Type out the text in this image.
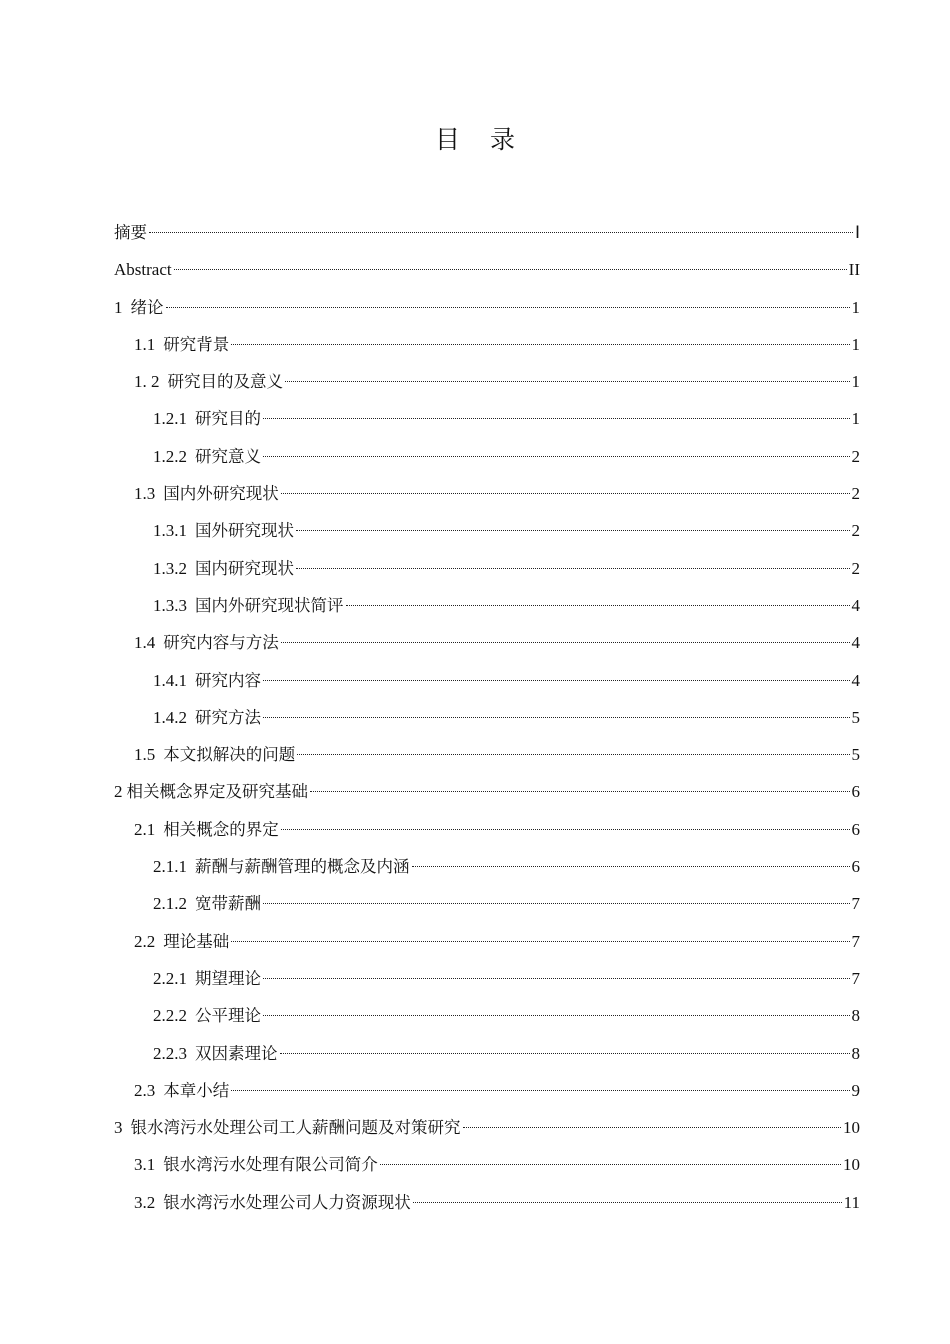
目 录
摘要	Ⅰ
Abstract	II
1 绪论	1
1.1 研究背景	1
1. 2 研究目的及意义	1
1.2.1 研究目的	1
1.2.2 研究意义	2
1.3 国内外研究现状	2
1.3.1 国外研究现状	2
1.3.2 国内研究现状	2
1.3.3 国内外研究现状简评	4
1.4 研究内容与方法	4
1.4.1 研究内容	4
1.4.2 研究方法	5
1.5 本文拟解决的问题	5
2 相关概念界定及研究基础	6
2.1 相关概念的界定	6
2.1.1 薪酬与薪酬管理的概念及内涵	6
2.1.2 宽带薪酬	7
2.2 理论基础	7
2.2.1 期望理论	7
2.2.2 公平理论	8
2.2.3 双因素理论	8
2.3 本章小结	9
3 银水湾污水处理公司工人薪酬问题及对策研究	10
3.1 银水湾污水处理有限公司简介	10
3.2 银水湾污水处理公司人力资源现状	11
